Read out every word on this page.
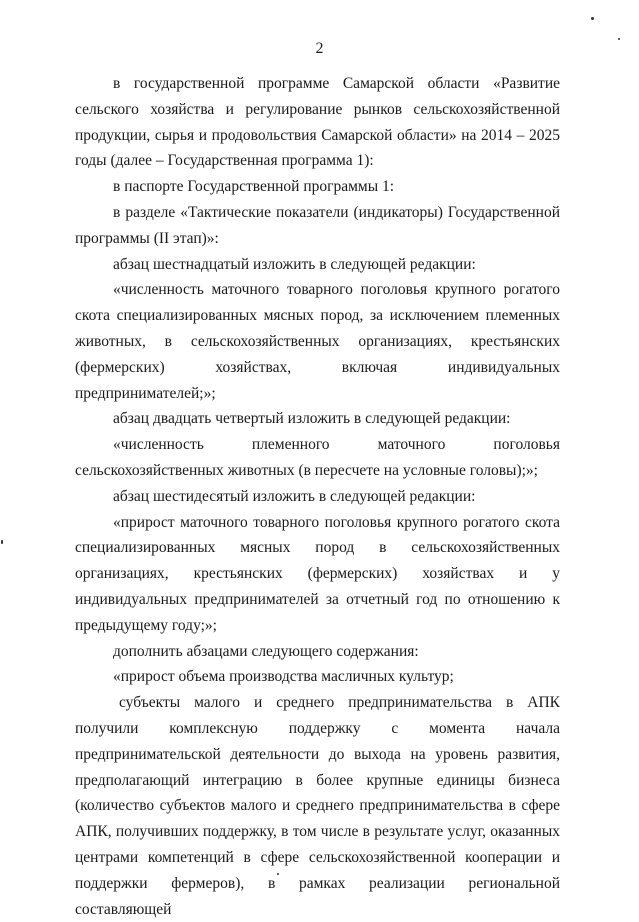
2

в государственной программе Самарской области «Развитие сельского хозяйства и регулирование рынков сельскохозяйственной продукции, сырья и продовольствия Самарской области» на 2014 – 2025 годы (далее – Государственная программа 1):

в паспорте Государственной программы 1:

в разделе «Тактические показатели (индикаторы) Государственной программы (II этап)»:

абзац шестнадцатый изложить в следующей редакции:

«численность маточного товарного поголовья крупного рогатого скота специализированных мясных пород, за исключением племенных животных, в сельскохозяйственных организациях, крестьянских (фермерских) хозяйствах, включая индивидуальных предпринимателей;»;

абзац двадцать четвертый изложить в следующей редакции:

«численность племенного маточного поголовья сельскохозяйственных животных (в пересчете на условные головы);»;

абзац шестидесятый изложить в следующей редакции:

«прирост маточного товарного поголовья крупного рогатого скота специализированных мясных пород в сельскохозяйственных организациях, крестьянских (фермерских) хозяйствах и у индивидуальных предпринимателей за отчетный год по отношению к предыдущему году;»;

дополнить абзацами следующего содержания:

«прирост объема производства масличных культур;

субъекты малого и среднего предпринимательства в АПК получили комплексную поддержку с момента начала предпринимательской деятельности до выхода на уровень развития, предполагающий интеграцию в более крупные единицы бизнеса (количество субъектов малого и среднего предпринимательства в сфере АПК, получивших поддержку, в том числе в результате услуг, оказанных центрами компетенций в сфере сельскохозяйственной кооперации и поддержки фермеров), в рамках реализации региональной составляющей
